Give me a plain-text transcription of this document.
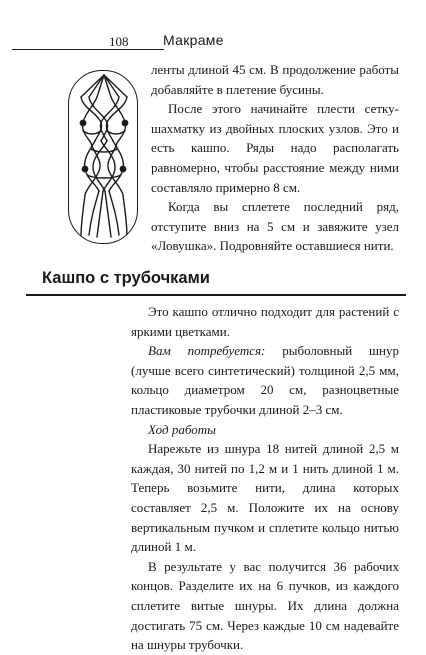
108 Макраме

ленты длиной 45 см. В продолжение работы добавляйте в плетение бусины.

После этого начинайте плести сетку-шахматку из двойных плоских узлов. Это и есть кашпо. Ряды надо располагать равномерно, чтобы расстояние между ними составляло примерно 8 см.

Когда вы сплетете последний ряд, отступите вниз на 5 см и завяжите узел «Ловушка». Подровняйте оставшиеся нити.

Кашпо с трубочками

Это кашпо отлично подходит для растений с яркими цветками.

Вам потребуется: рыболовный шнур (лучше всего синтетический) толщиной 2,5 мм, кольцо диаметром 20 см, разноцветные пластиковые трубочки длиной 2–3 см.

Ход работы

Нарежьте из шнура 18 нитей длиной 2,5 м каждая, 30 нитей по 1,2 м и 1 нить длиной 1 м. Теперь возьмите нити, длина которых составляет 2,5 м. Положите их на основу вертикальным пучком и сплетите кольцо нитью длиной 1 м.

В результате у вас получится 36 рабочих концов. Разделите их на 6 пучков, из каждого сплетите витые шнуры. Их длина должна достигать 75 см. Через каждые 10 см надевайте на шнуры трубочки.
